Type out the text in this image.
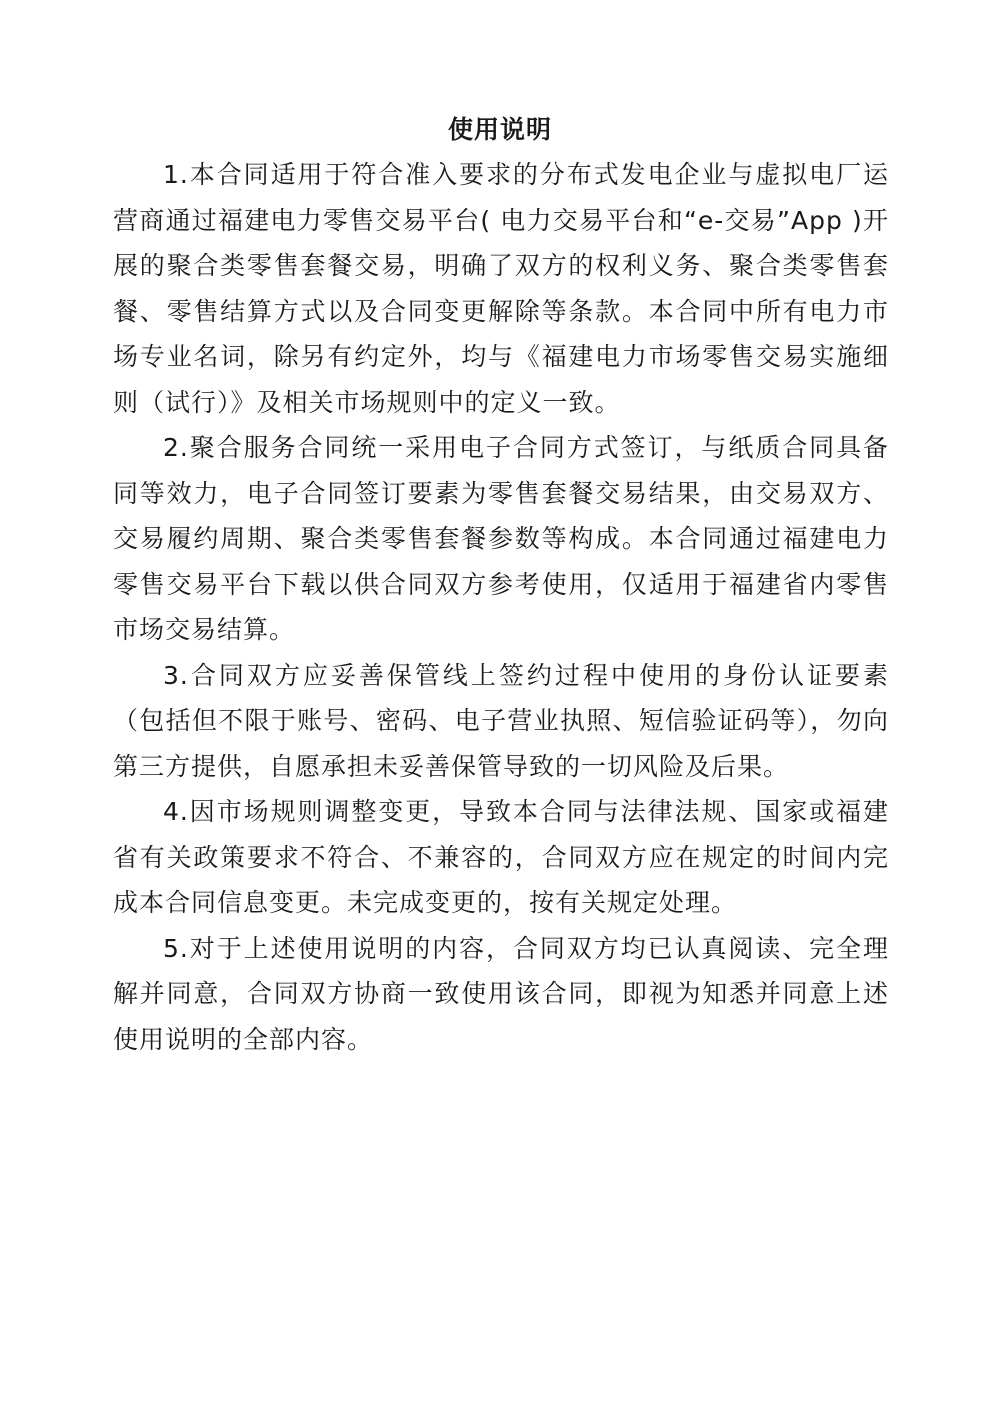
使用说明

1.本合同适用于符合准入要求的分布式发电企业与虚拟电厂运营商通过福建电力零售交易平台( 电力交易平台和“e-交易”App )开展的聚合类零售套餐交易，明确了双方的权利义务、聚合类零售套餐、零售结算方式以及合同变更解除等条款。本合同中所有电力市场专业名词，除另有约定外，均与《福建电力市场零售交易实施细则（试行）》及相关市场规则中的定义一致。

2.聚合服务合同统一采用电子合同方式签订，与纸质合同具备同等效力，电子合同签订要素为零售套餐交易结果，由交易双方、交易履约周期、聚合类零售套餐参数等构成。本合同通过福建电力零售交易平台下载以供合同双方参考使用，仅适用于福建省内零售市场交易结算。

3.合同双方应妥善保管线上签约过程中使用的身份认证要素（包括但不限于账号、密码、电子营业执照、短信验证码等），勿向第三方提供，自愿承担未妥善保管导致的一切风险及后果。

4.因市场规则调整变更，导致本合同与法律法规、国家或福建省有关政策要求不符合、不兼容的，合同双方应在规定的时间内完成本合同信息变更。未完成变更的，按有关规定处理。

5.对于上述使用说明的内容，合同双方均已认真阅读、完全理解并同意，合同双方协商一致使用该合同，即视为知悉并同意上述使用说明的全部内容。
